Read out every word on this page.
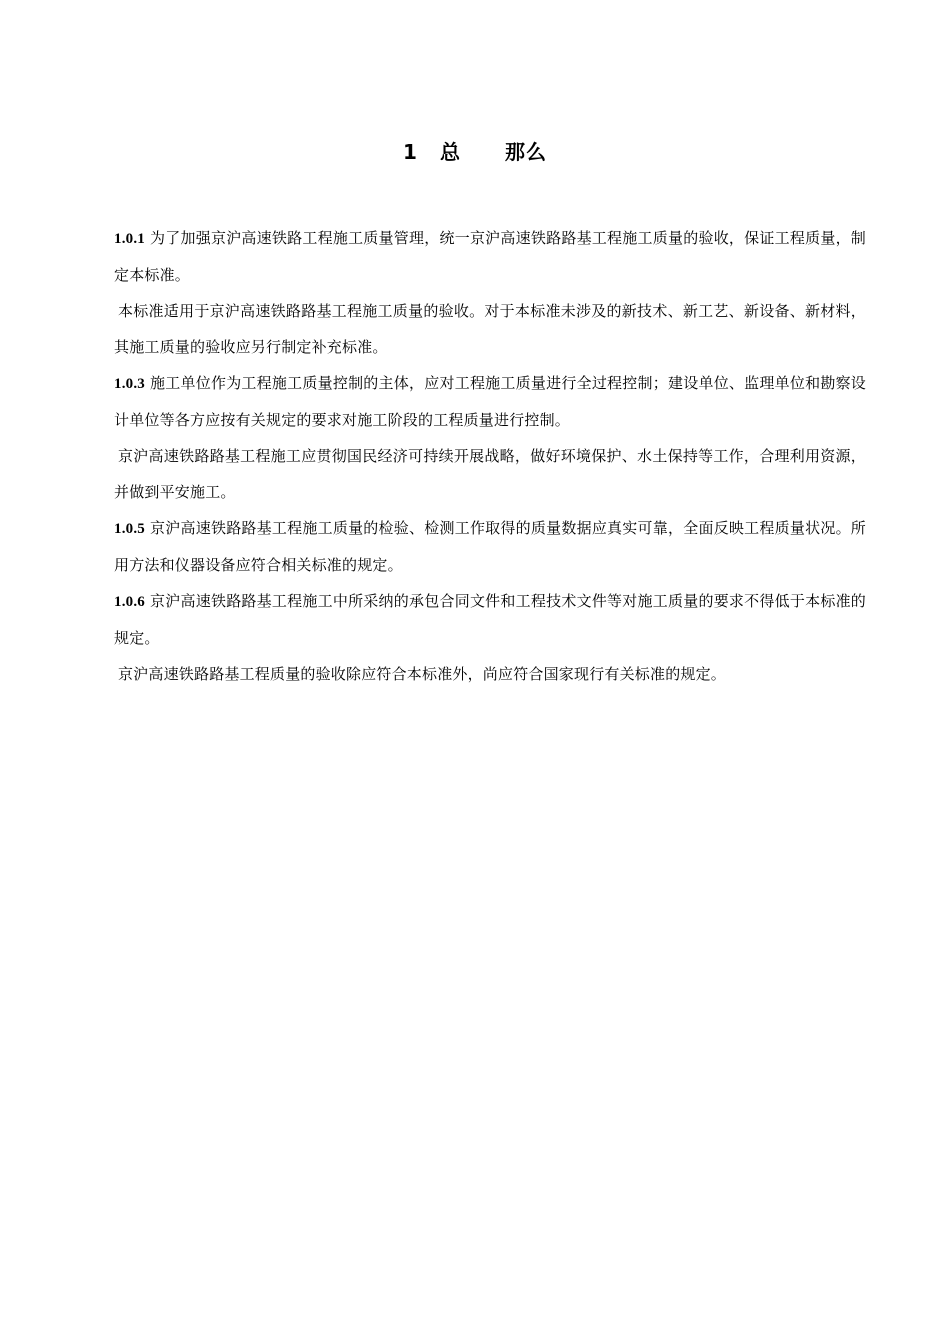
1 总 那么

1.0.1 为了加强京沪高速铁路工程施工质量管理，统一京沪高速铁路路基工程施工质量的验收，保证工程质量，制定本标准。

本标准适用于京沪高速铁路路基工程施工质量的验收。对于本标准未涉及的新技术、新工艺、新设备、新材料，其施工质量的验收应另行制定补充标准。

1.0.3 施工单位作为工程施工质量控制的主体，应对工程施工质量进行全过程控制；建设单位、监理单位和勘察设计单位等各方应按有关规定的要求对施工阶段的工程质量进行控制。

京沪高速铁路路基工程施工应贯彻国民经济可持续开展战略，做好环境保护、水土保持等工作，合理利用资源，并做到平安施工。

1.0.5 京沪高速铁路路基工程施工质量的检验、检测工作取得的质量数据应真实可靠，全面反映工程质量状况。所用方法和仪器设备应符合相关标准的规定。

1.0.6 京沪高速铁路路基工程施工中所采纳的承包合同文件和工程技术文件等对施工质量的要求不得低于本标准的规定。

京沪高速铁路路基工程质量的验收除应符合本标准外，尚应符合国家现行有关标准的规定。
